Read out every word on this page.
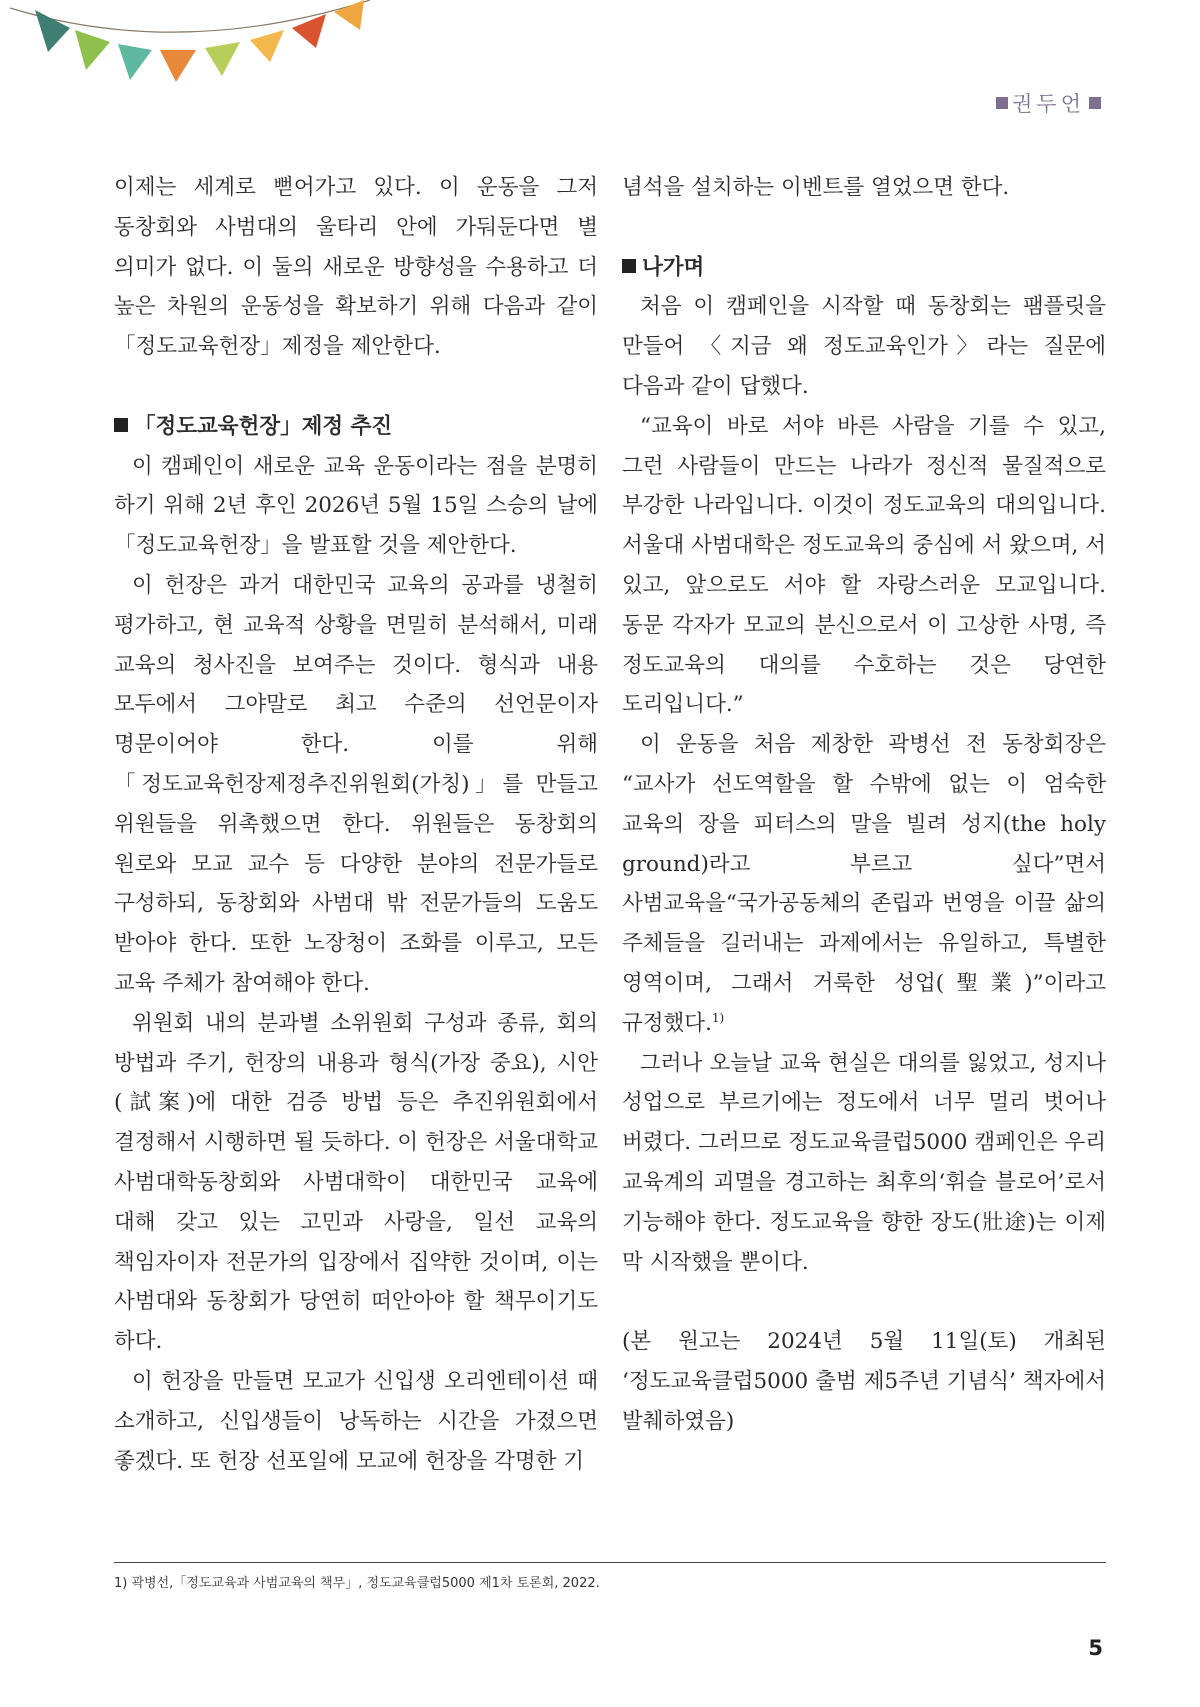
권두언

이제는 세계로 뻗어가고 있다. 이 운동을 그저 동창회와 사범대의 울타리 안에 가둬둔다면 별 의미가 없다. 이 둘의 새로운 방향성을 수용하고 더 높은 차원의 운동성을 확보하기 위해 다음과 같이「정도교육헌장」제정을 제안한다.

「정도교육헌장」제정 추진

이 캠페인이 새로운 교육 운동이라는 점을 분명히 하기 위해 2년 후인 2026년 5월 15일 스승의 날에 「정도교육헌장」을 발표할 것을 제안한다.

이 헌장은 과거 대한민국 교육의 공과를 냉철히 평가하고, 현 교육적 상황을 면밀히 분석해서, 미래 교육의 청사진을 보여주는 것이다. 형식과 내용 모두에서 그야말로 최고 수준의 선언문이자 명문이어야 한다. 이를 위해「정도교육헌장제정추진위원회(가칭)」를 만들고 위원들을 위촉했으면 한다. 위원들은 동창회의 원로와 모교 교수 등 다양한 분야의 전문가들로 구성하되, 동창회와 사범대 밖 전문가들의 도움도 받아야 한다. 또한 노장청이 조화를 이루고, 모든 교육 주체가 참여해야 한다.

위원회 내의 분과별 소위원회 구성과 종류, 회의 방법과 주기, 헌장의 내용과 형식(가장 중요), 시안(試案)에 대한 검증 방법 등은 추진위원회에서 결정해서 시행하면 될 듯하다. 이 헌장은 서울대학교 사범대학동창회와 사범대학이 대한민국 교육에 대해 갖고 있는 고민과 사랑을, 일선 교육의 책임자이자 전문가의 입장에서 집약한 것이며, 이는 사범대와 동창회가 당연히 떠안아야 할 책무이기도 하다.

이 헌장을 만들면 모교가 신입생 오리엔테이션 때 소개하고, 신입생들이 낭독하는 시간을 가졌으면 좋겠다. 또 헌장 선포일에 모교에 헌장을 각명한 기

념석을 설치하는 이벤트를 열었으면 한다.

나가며

처음 이 캠페인을 시작할 때 동창회는 팸플릿을 만들어 〈지금 왜 정도교육인가〉라는 질문에 다음과 같이 답했다.

“교육이 바로 서야 바른 사람을 기를 수 있고, 그런 사람들이 만드는 나라가 정신적 물질적으로 부강한 나라입니다. 이것이 정도교육의 대의입니다. 서울대 사범대학은 정도교육의 중심에 서 왔으며, 서 있고, 앞으로도 서야 할 자랑스러운 모교입니다. 동문 각자가 모교의 분신으로서 이 고상한 사명, 즉 정도교육의 대의를 수호하는 것은 당연한 도리입니다.”

이 운동을 처음 제창한 곽병선 전 동창회장은 “교사가 선도역할을 할 수밖에 없는 이 엄숙한 교육의 장을 피터스의 말을 빌려 성지(the holy ground)라고 부르고 싶다”면서 사범교육을“국가공동체의 존립과 번영을 이끌 삶의 주체들을 길러내는 과제에서는 유일하고, 특별한 영역이며, 그래서 거룩한 성업(聖業)”이라고 규정했다.$^{1)}$

그러나 오늘날 교육 현실은 대의를 잃었고, 성지나 성업으로 부르기에는 정도에서 너무 멀리 벗어나 버렸다. 그러므로 정도교육클럽5000 캠페인은 우리 교육계의 괴멸을 경고하는 최후의‘휘슬 블로어’로서 기능해야 한다. 정도교육을 향한 장도(壯途)는 이제 막 시작했을 뿐이다.

(본 원고는 2024년 5월 11일(토) 개최된 ‘정도교육클럽5000 출범 제5주년 기념식’ 책자에서 발췌하였음)

1) 곽병선,「정도교육과 사범교육의 책무」, 정도교육클럽5000 제1차 토론회, 2022.
5
